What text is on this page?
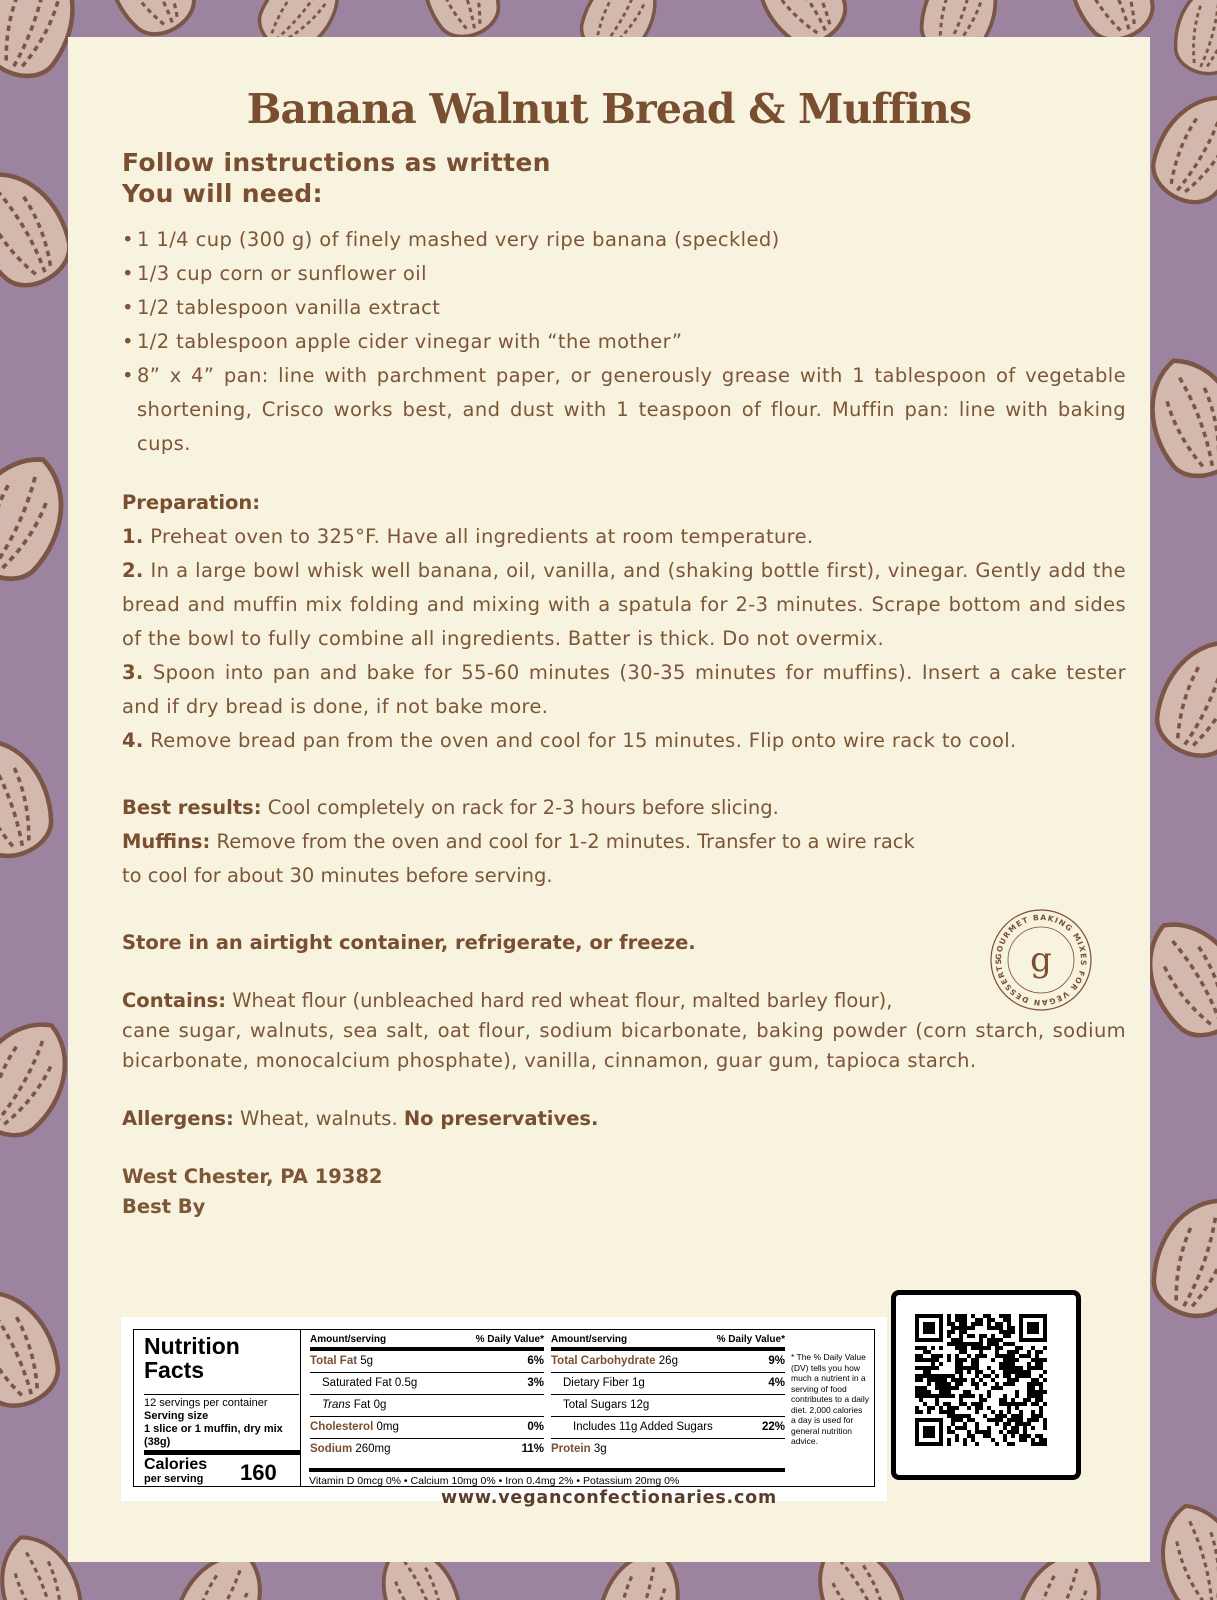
Banana Walnut Bread & Muffins
Follow instructions as written
You will need:
• 1 1/4 cup (300 g) of finely mashed very ripe banana (speckled)
• 1/3 cup corn or sunflower oil
• 1/2 tablespoon vanilla extract
• 1/2 tablespoon apple cider vinegar with “the mother”
• 8” x 4” pan: line with parchment paper, or generously grease with 1 tablespoon of vegetable shortening, Crisco works best, and dust with 1 teaspoon of flour. Muffin pan: line with baking cups.

Preparation:

1. Preheat oven to 325°F. Have all ingredients at room temperature.

2. In a large bowl whisk well banana, oil, vanilla, and (shaking bottle first), vinegar. Gently add the bread and muffin mix folding and mixing with a spatula for 2-3 minutes. Scrape bottom and sides of the bowl to fully combine all ingredients. Batter is thick. Do not overmix.

3. Spoon into pan and bake for 55-60 minutes (30-35 minutes for muffins). Insert a cake tester and if dry bread is done, if not bake more.

4. Remove bread pan from the oven and cool for 15 minutes. Flip onto wire rack to cool.

Best results: Cool completely on rack for 2-3 hours before slicing.

Muffins: Remove from the oven and cool for 1-2 minutes. Transfer to a wire rack

to cool for about 30 minutes before serving.

Store in an airtight container, refrigerate, or freeze.

Contains: Wheat flour (unbleached hard red wheat flour, malted barley flour),

cane sugar, walnuts, sea salt, oat flour, sodium bicarbonate, baking powder (corn starch, sodium bicarbonate, monocalcium phosphate), vanilla, cinnamon, guar gum, tapioca starch.

Allergens: Wheat, walnuts. No preservatives.

West Chester, PA 19382
Best By
GOURMET BAKING MIXES FOR VEGAN DESSERTS g
Nutrition
Facts
12 servings per container
Serving size
1 slice or 1 muffin, dry mix (38g)
Calories
per serving 160
Amount/serving	% Daily Value*
Total Fat 5g	6%
Saturated Fat 0.5g	3%
Trans Fat 0g
Cholesterol 0mg	0%
Sodium 260mg	11%
Amount/serving	% Daily Value*
Total Carbohydrate 26g	9%
Dietary Fiber 1g	4%
Total Sugars 12g
Includes 11g Added Sugars	22%
Protein 3g
Vitamin D 0mcg 0% • Calcium 10mg 0% • Iron 0.4mg 2% • Potassium 20mg 0%
* The % Daily Value (DV) tells you how much a nutrient in a serving of food contributes to a daily diet. 2,000 calories a day is used for general nutrition advice.
www.veganconfectionaries.com
